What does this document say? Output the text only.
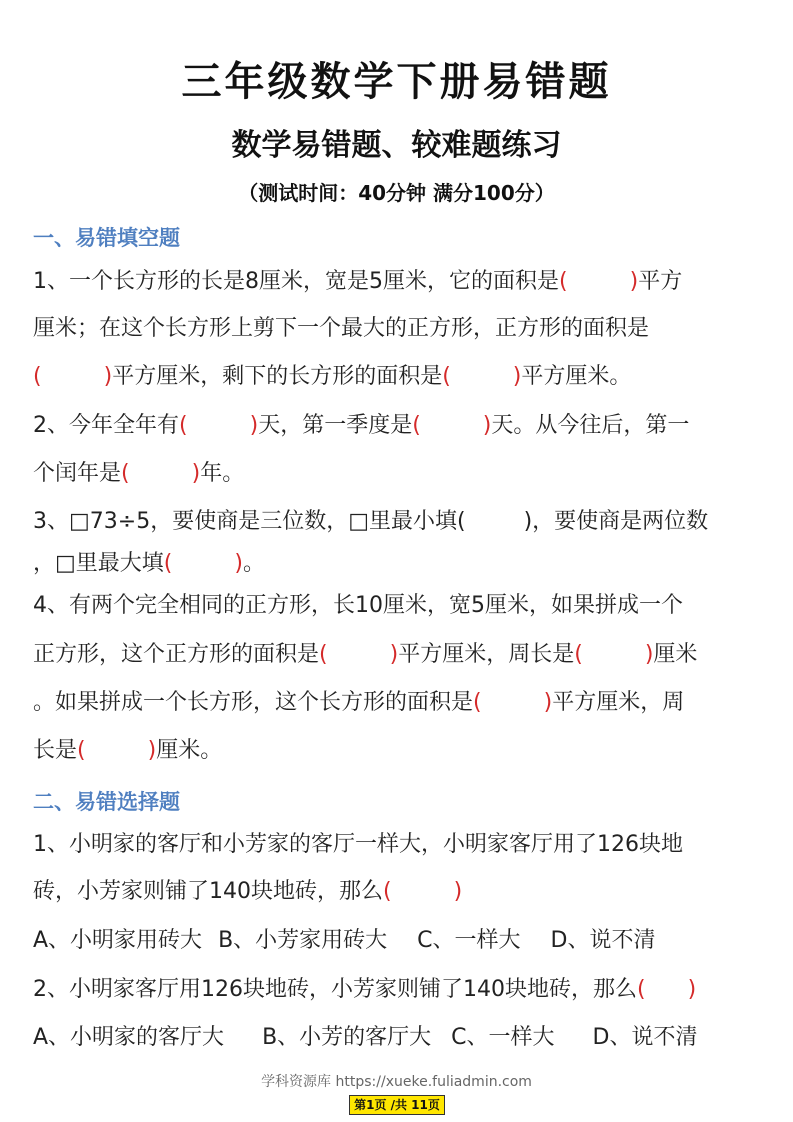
三年级数学下册易错题
数学易错题、较难题练习
（测试时间：40分钟 满分100分）
一、易错填空题
1、一个长方形的长是8厘米，宽是5厘米，它的面积是(	)平方
厘米；在这个长方形上剪下一个最大的正方形，正方形的面积是
(	)平方厘米，剩下的长方形的面积是(	)平方厘米。
2、今年全年有(	)天，第一季度是(	)天。从今往后，第一
个闰年是(	)年。
3、□73÷5，要使商是三位数，□里最小填(	)，要使商是两位数
，□里最大填(	)。
4、有两个完全相同的正方形，长10厘米，宽5厘米，如果拼成一个
正方形，这个正方形的面积是(	)平方厘米，周长是(	)厘米
。如果拼成一个长方形，这个长方形的面积是(	)平方厘米，周
长是(	)厘米。
二、易错选择题
1、小明家的客厅和小芳家的客厅一样大，小明家客厅用了126块地
砖，小芳家则铺了140块地砖，那么(	)
A、小明家用砖大 B、小芳家用砖大 C、一样大 D、说不清
2、小明家客厅用126块地砖，小芳家则铺了140块地砖，那么( )
A、小明家的客厅大 B、小芳的客厅大 C、一样大 D、说不清
学科资源库 https://xueke.fuliadmin.com
第1页 /共 11页
